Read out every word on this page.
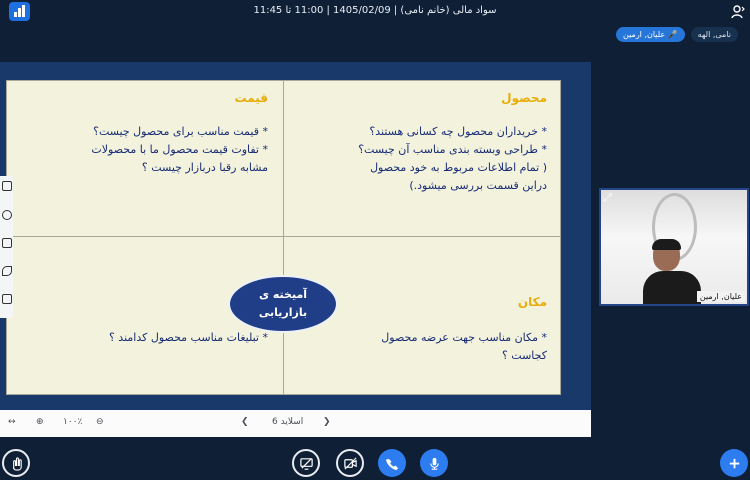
سواد مالی (خانم نامی) | 1405/02/09 | 11:00 تا 11:45
نامی, الهه
🎤 علیان, ارمین
قیمت
* قیمت مناسب برای محصول چیست؟
* تفاوت قیمت محصول ما با محصولات
مشابه رقبا دربازار چیست ؟
محصول
* خریداران محصول چه کسانی هستند؟
* طراحی وبسته بندی مناسب آن چیست؟
( تمام اطلاعات مربوط به خود محصول
دراین قسمت بررسی میشود.)
* تبلیغات مناسب محصول کدامند ؟
مکان
* مکان مناسب جهت عرضه محصول
کجاست ؟
آمیخته ی
بازاریابی
↔ ⊕ ۱۰۰٪ ⊖	❮	اسلاید 6 ❯
⤢
علیان, ارمین
